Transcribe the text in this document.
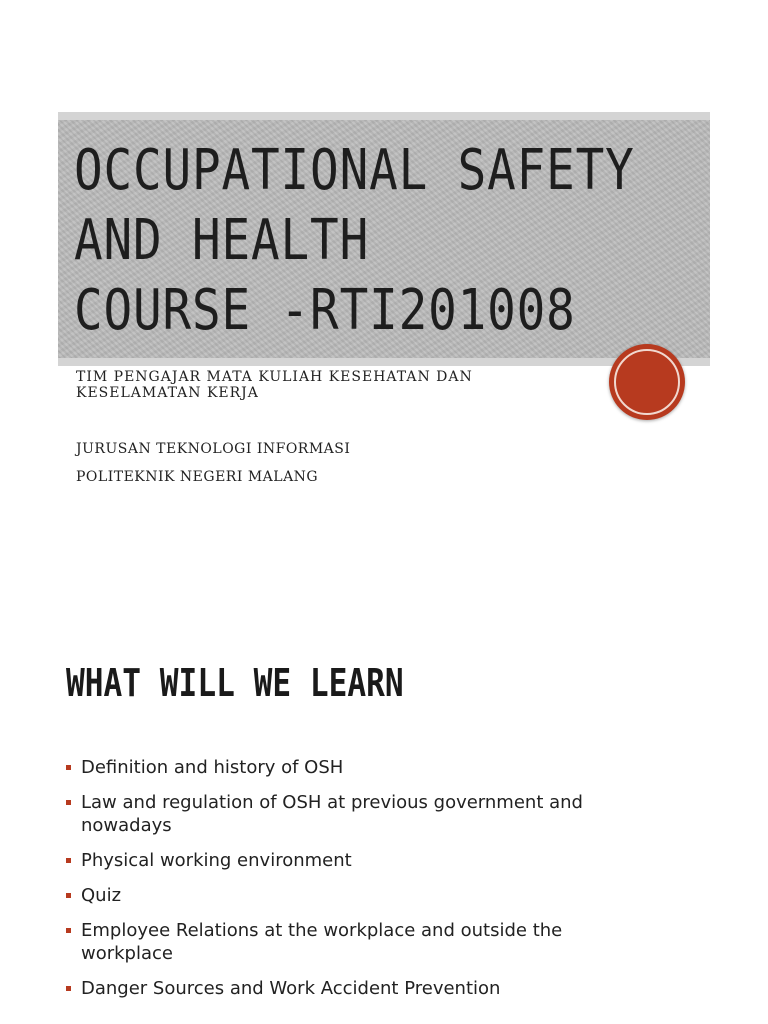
OCCUPATIONAL SAFETY
AND HEALTH
COURSE -RTI201008

TIM PENGAJAR MATA KULIAH KESEHATAN DAN
KESELAMATAN KERJA

JURUSAN TEKNOLOGI INFORMASI

POLITEKNIK NEGERI MALANG

WHAT WILL WE LEARN
Definition and history of OSH
Law and regulation of OSH at previous government and nowadays
Physical working environment
Quiz
Employee Relations at the workplace and outside the workplace
Danger Sources and Work Accident Prevention
